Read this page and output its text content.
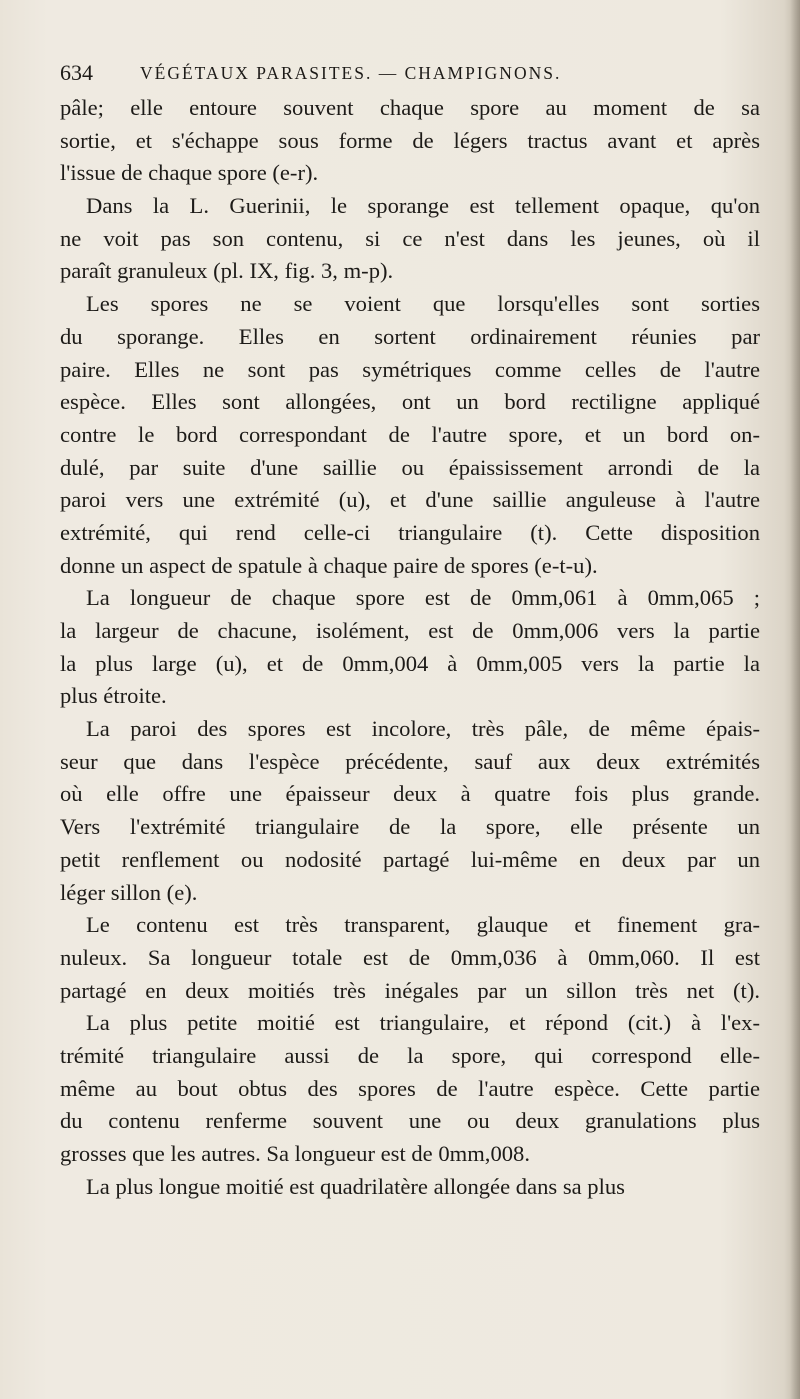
634	VÉGÉTAUX PARASITES. — CHAMPIGNONS.
pâle; elle entoure souvent chaque spore au moment de sa
sortie, et s'échappe sous forme de légers tractus avant et après
l'issue de chaque spore (e-r).
Dans la L. Guerinii, le sporange est tellement opaque, qu'on
ne voit pas son contenu, si ce n'est dans les jeunes, où il
paraît granuleux (pl. IX, fig. 3, m-p).
Les spores ne se voient que lorsqu'elles sont sorties
du sporange. Elles en sortent ordinairement réunies par
paire. Elles ne sont pas symétriques comme celles de l'autre
espèce. Elles sont allongées, ont un bord rectiligne appliqué
contre le bord correspondant de l'autre spore, et un bord on-
dulé, par suite d'une saillie ou épaississement arrondi de la
paroi vers une extrémité (u), et d'une saillie anguleuse à l'autre
extrémité, qui rend celle-ci triangulaire (t). Cette disposition
donne un aspect de spatule à chaque paire de spores (e-t-u).
La longueur de chaque spore est de 0mm,061 à 0mm,065 ;
la largeur de chacune, isolément, est de 0mm,006 vers la partie
la plus large (u), et de 0mm,004 à 0mm,005 vers la partie la
plus étroite.
La paroi des spores est incolore, très pâle, de même épais-
seur que dans l'espèce précédente, sauf aux deux extrémités
où elle offre une épaisseur deux à quatre fois plus grande.
Vers l'extrémité triangulaire de la spore, elle présente un
petit renflement ou nodosité partagé lui-même en deux par un
léger sillon (e).
Le contenu est très transparent, glauque et finement gra-
nuleux. Sa longueur totale est de 0mm,036 à 0mm,060. Il est
partagé en deux moitiés très inégales par un sillon très net (t).
La plus petite moitié est triangulaire, et répond (cit.) à l'ex-
trémité triangulaire aussi de la spore, qui correspond elle-
même au bout obtus des spores de l'autre espèce. Cette partie
du contenu renferme souvent une ou deux granulations plus
grosses que les autres. Sa longueur est de 0mm,008.
La plus longue moitié est quadrilatère allongée dans sa plus
